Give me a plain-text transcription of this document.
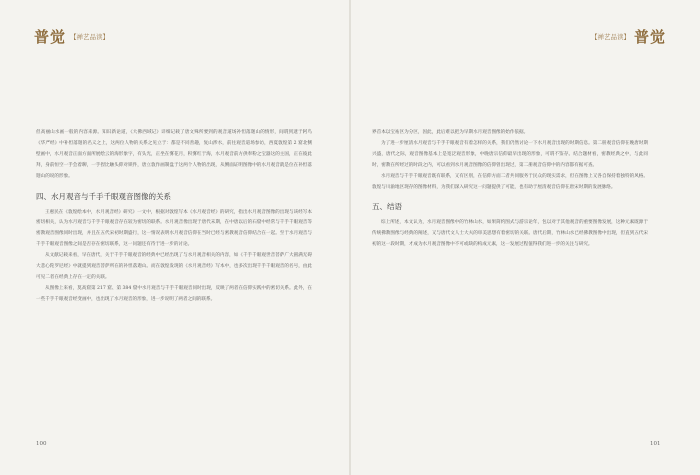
普觉 【禅艺品读】	【禅艺品读】 普觉

但高丽山水画一般的内容来源。知识新论道，《大佛西域记》详细记载了唐文殊所要到的观音道场补怛落迦山的情形，间谓到逮于阿鸟《华严经》中补怛落迦的名义之上，这两位人物的关系之见立于：都是不同善趣，复山涉水，前往观音道场参访，西夏敦煌第 2 窟北侧壁画中，水月观音正面方面所展绘云的海形象字，有头光，正坐在雾花月，积雾红于海，水月观音前方供奉粉之宝器这的主国，正在彼此拜，身前恒空一手会着聊，一手捏比触头仰对锁件，唐立敦作画制盘于这两个人物的出现，从侧面证明图像中的水月观音就是位在补怛落迦山的说的形象。

四、水月观音与千手千眼观音图像的关系

王惠民在《敦煌绘本中，水月观音经》研究》一文中，根据对敦煌写本《水月观音经》的研究，指出水月观音图像的出现与该经写本密切相关，认为水月观音与千手千眼观音存在较为密切的联系。水月观音像出现于唐代末期，在中唐以后的石窟中经常与千手千眼观音等密教观音图像同时出现，并且在五代宋初时期盛行，这一情况表明水月观音信仰在当时已经与密教观音信仰结合在一起。至于水月观音与千手千眼观音图像之间是否存在密切联系，这一问题还有待于进一步的讨论。

从文献记载来看，早在唐代，关于千手千眼观音的经典中已经出现了与水月观音相关的内容，如《千手千眼观世音菩萨广大圆满无碍大悲心陀罗尼经》中就提到观音菩萨所在的补怛落迦山。而在敦煌发现的《水月观音经》写本中，也多次出现千手千眼观音的名号，由此可见二者在经典上存在一定的关联。

从图像上来看，莫高窟第 217 窟、第 384 窟中水月观音与千手千眼观音同时出现，反映了两者在信仰实践中的密切关系。此外，在一些千手千眼观音经变画中，也出现了水月观音的形象，进一步说明了两者之间的联系。

界首本以宝祐区为分区，因此，此后难以把为早期水月观音图像的始作依据。

为了进一步厘清水月观音与千手千眼观音有着怎样的关系，我们仍然讨论一下水月观音出现的时期信息。第二册观音信仰在晚唐时期兴盛，唐代之际，观音图像基本上是宽泛观音形象，中晚唐宗信仰最早出现的形象，可谓不鉴存。结合题材看，密教经典之中，与此同时，密教在所经过的时段之内，可以看到水月观音图像的信仰曾出现过，第二册观音信仰中的内容都有据可查。

水月观音与千手千眼观音既有联系，又有区别，在信仰方面二者共同服务于民众的现实需求，但在图像上又各自保持着独特的风格。敦煌与川渝地区现存的图像材料，为我们深入研究这一问题提供了可能，也有助于厘清观音信仰在唐宋时期的发展脉络。

五、结语

综上所述，本文认为，水月观音图像中的竹林山水，如果简约图式与游宗论年，包以对于其他观音的重要图像发展，这种元素既源于传统佛教图像与经典的阐述，又与唐代文人士大夫的审美思想有着密切的关联。唐代后期，竹林山水已经佛教图像中出现，但直到五代宋初的这一段时期，才成为水月观音图像中不可或缺的构成元素，这一发展过程值得我们进一步的关注与研究。

100	101
